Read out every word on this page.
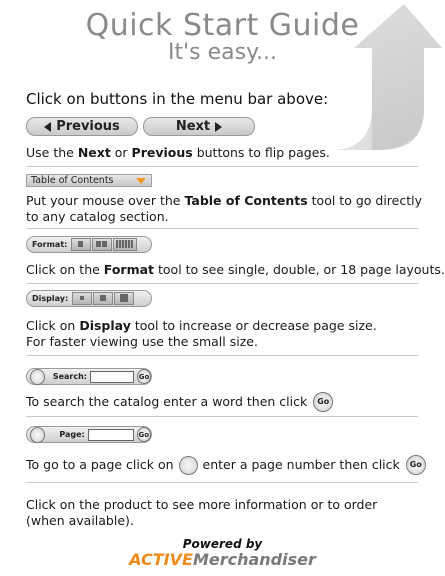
Quick Start Guide
It's easy...
Click on buttons in the menu bar above:
Previous	Next
Use the Next or Previous buttons to flip pages.
Table of Contents
Put your mouse over the Table of Contents tool to go directly
to any catalog section.
Format:
Click on the Format tool to see single, double, or 18 page layouts.
Display:
Click on Display tool to increase or decrease page size.
For faster viewing use the small size.
Search:	Go
To search the catalog enter a word then click Go
Page:	Go
To go to a page click on enter a page number then click Go
Click on the product to see more information or to order
(when available).
Powered by
ACTIVEMerchandiser
